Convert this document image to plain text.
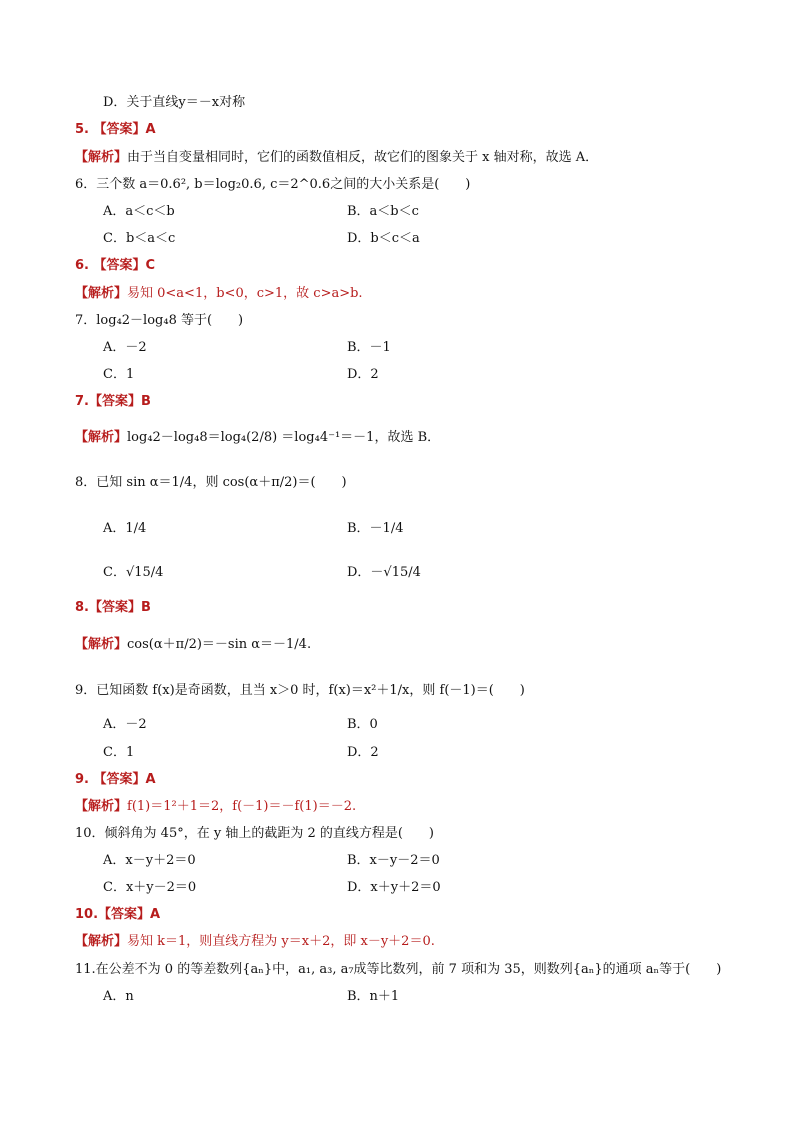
D．关于直线y＝－x对称
5. 【答案】A
【解析】由于当自变量相同时，它们的函数值相反，故它们的图象关于 x 轴对称，故选 A．
6．三个数 a＝0.6², b＝log₂0.6, c＝2^0.6之间的大小关系是(　　)
A．a＜c＜b	B．a＜b＜c
C．b＜a＜c	D．b＜c＜a
6. 【答案】C
【解析】易知 0<a<1，b<0，c>1，故 c>a>b.
7．log₄2－log₄8 等于(　　)
A．－2	B．－1
C．1	D．2
7.【答案】B
【解析】log₄2－log₄8＝log₄(2/8) ＝log₄4⁻¹＝－1，故选 B．
8．已知 sin α＝1/4，则 cos(α＋π/2)＝(　　)
A．1/4	B．－1/4
C．√15/4	D．－√15/4
8.【答案】B
【解析】cos(α＋π/2)＝－sin α＝－1/4.
9．已知函数 f(x)是奇函数，且当 x＞0 时，f(x)＝x²＋1/x，则 f(－1)＝(　　)
A．－2	B．0
C．1	D．2
9. 【答案】A
【解析】f(1)＝1²＋1＝2，f(－1)＝－f(1)＝－2.
10．倾斜角为 45°，在 y 轴上的截距为 2 的直线方程是(　　)
A．x－y＋2＝0	B．x－y－2＝0
C．x＋y－2＝0	D．x＋y＋2＝0
10.【答案】A
【解析】易知 k＝1，则直线方程为 y＝x＋2，即 x－y＋2＝0.
11.在公差不为 0 的等差数列{aₙ}中，a₁, a₃, a₇成等比数列，前 7 项和为 35，则数列{aₙ}的通项 aₙ等于(　　)
A．n	B．n＋1
